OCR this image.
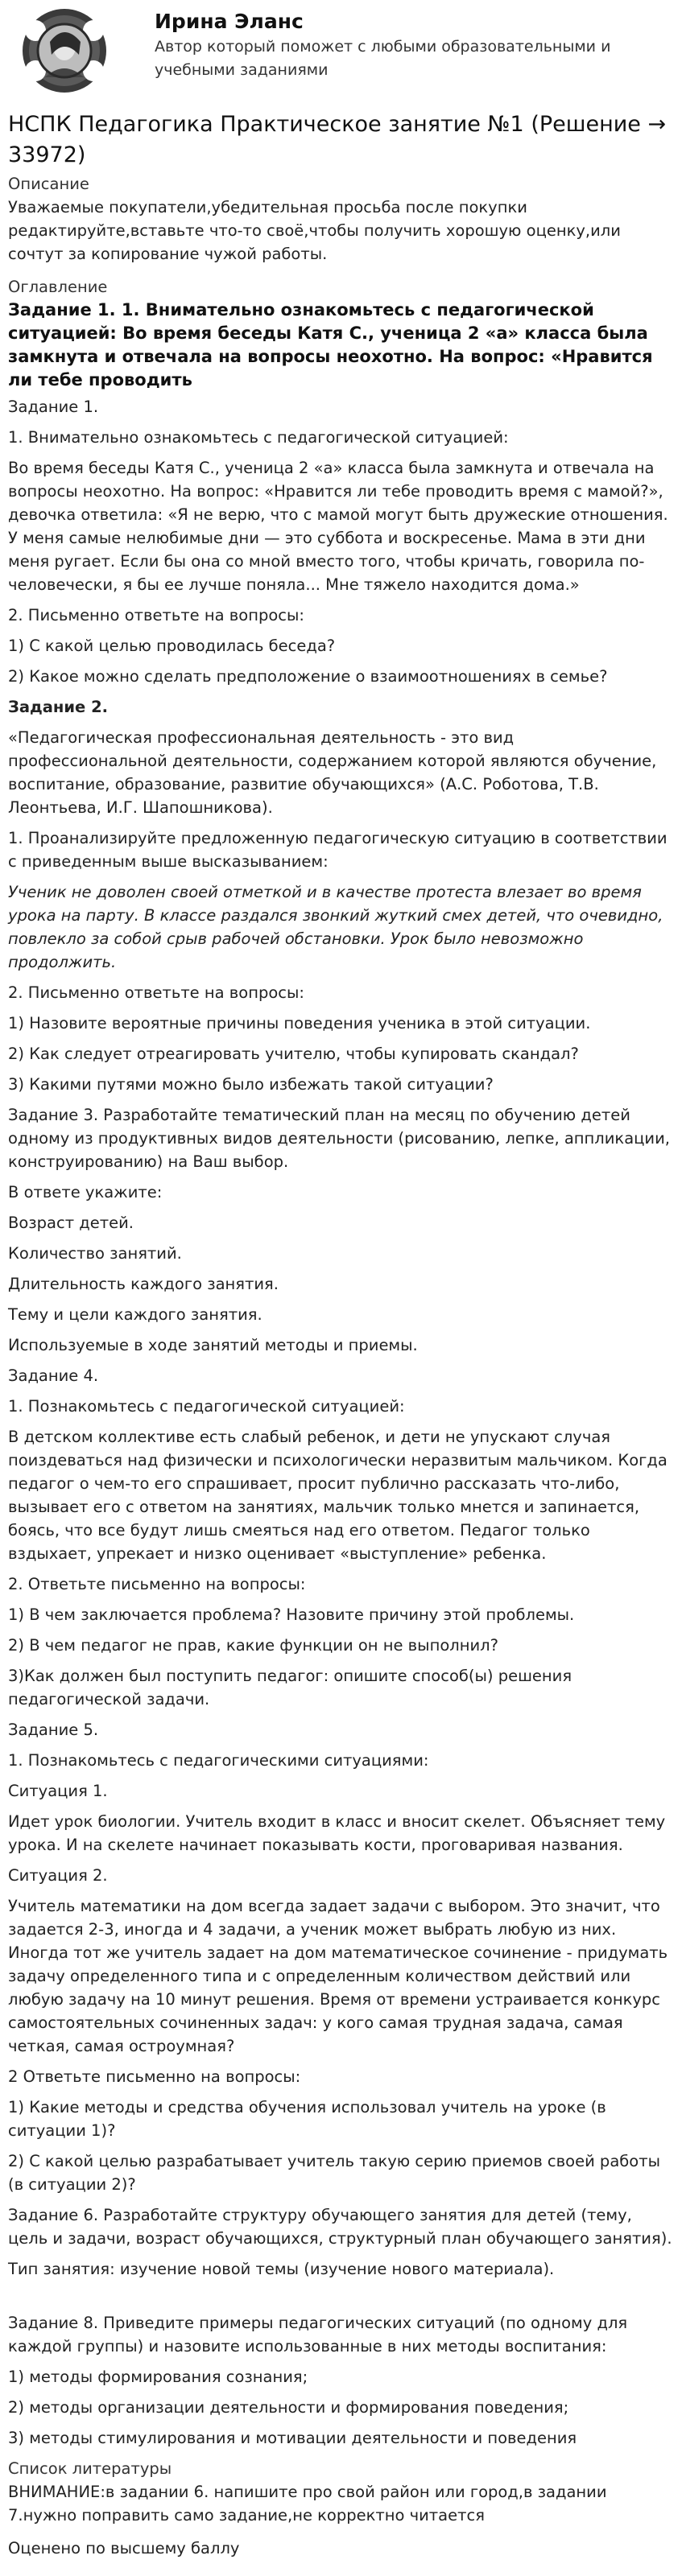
Ирина Эланс
Автор который поможет с любыми образовательными и учебными заданиями
НСПК Педагогика Практическое занятие №1 (Решение → 33972)
Описание
Уважаемые покупатели,убедительная просьба после покупки редактируйте,вставьте что-то своё,чтобы получить хорошую оценку,или сочтут за копирование чужой работы.
Оглавление
Задание 1. 1. Внимательно ознакомьтесь с педагогической ситуацией: Во время беседы Катя С., ученица 2 «а» класса была замкнута и отвечала на вопросы неохотно. На вопрос: «Нравится ли тебе проводить

Задание 1.

1. Внимательно ознакомьтесь с педагогической ситуацией:

Во время беседы Катя С., ученица 2 «а» класса была замкнута и отвечала на вопросы неохотно. На вопрос: «Нравится ли тебе проводить время с мамой?», девочка ответила: «Я не верю, что с мамой могут быть дружеские отношения. У меня самые нелюбимые дни — это суббота и воскресенье. Мама в эти дни меня ругает. Если бы она со мной вместо того, чтобы кричать, говорила по-человечески, я бы ее лучше поняла... Мне тяжело находится дома.»

2. Письменно ответьте на вопросы:

1) С какой целью проводилась беседа?

2) Какое можно сделать предположение о взаимоотношениях в семье?

Задание 2.

«Педагогическая профессиональная деятельность - это вид профессиональной деятельности, содержанием которой являются обучение, воспитание, образование, развитие обучающихся» (А.С. Роботова, Т.В. Леонтьева, И.Г. Шапошникова).

1. Проанализируйте предложенную педагогическую ситуацию в соответствии с приведенным выше высказыванием:

Ученик не доволен своей отметкой и в качестве протеста влезает во время урока на парту. В классе раздался звонкий жуткий смех детей, что очевидно, повлекло за собой срыв рабочей обстановки. Урок было невозможно продолжить.

2. Письменно ответьте на вопросы:

1) Назовите вероятные причины поведения ученика в этой ситуации.

2) Как следует отреагировать учителю, чтобы купировать скандал?

3) Какими путями можно было избежать такой ситуации?

Задание 3. Разработайте тематический план на месяц по обучению детей одному из продуктивных видов деятельности (рисованию, лепке, аппликации, конструированию) на Ваш выбор.

В ответе укажите:

Возраст детей.

Количество занятий.

Длительность каждого занятия.

Тему и цели каждого занятия.

Используемые в ходе занятий методы и приемы.

Задание 4.

1. Познакомьтесь с педагогической ситуацией:

В детском коллективе есть слабый ребенок, и дети не упускают случая поиздеваться над физически и психологически неразвитым мальчиком. Когда педагог о чем-то его спрашивает, просит публично рассказать что-либо, вызывает его с ответом на занятиях, мальчик только мнется и запинается, боясь, что все будут лишь смеяться над его ответом. Педагог только вздыхает, упрекает и низко оценивает «выступление» ребенка.

2. Ответьте письменно на вопросы:

1) В чем заключается проблема? Назовите причину этой проблемы.

2) В чем педагог не прав, какие функции он не выполнил?

3)Как должен был поступить педагог: опишите способ(ы) решения педагогической задачи.

Задание 5.

1. Познакомьтесь с педагогическими ситуациями:

Ситуация 1.

Идет урок биологии. Учитель входит в класс и вносит скелет. Объясняет тему урока. И на скелете начинает показывать кости, проговаривая названия.

Ситуация 2.

Учитель математики на дом всегда задает задачи с выбором. Это значит, что задается 2-3, иногда и 4 задачи, а ученик может выбрать любую из них. Иногда тот же учитель задает на дом математическое сочинение - придумать задачу определенного типа и с определенным количеством действий или любую задачу на 10 минут решения. Время от времени устраивается конкурс самостоятельных сочиненных задач: у кого самая трудная задача, самая четкая, самая остроумная?

2 Ответьте письменно на вопросы:

1) Какие методы и средства обучения использовал учитель на уроке (в ситуации 1)?

2) С какой целью разрабатывает учитель такую серию приемов своей работы (в ситуации 2)?

Задание 6. Разработайте структуру обучающего занятия для детей (тему, цель и задачи, возраст обучающихся, структурный план обучающего занятия).

Тип занятия: изучение новой темы (изучение нового материала).

Задание 8. Приведите примеры педагогических ситуаций (по одному для каждой группы) и назовите использованные в них методы воспитания:

1) методы формирования сознания;

2) методы организации деятельности и формирования поведения;

3) методы стимулирования и мотивации деятельности и поведения

Список литературы
ВНИМАНИЕ:в задании 6. напишите про свой район или город,в задании 7.нужно поправить само задание,не корректно читается
Оценено по высшему баллу
